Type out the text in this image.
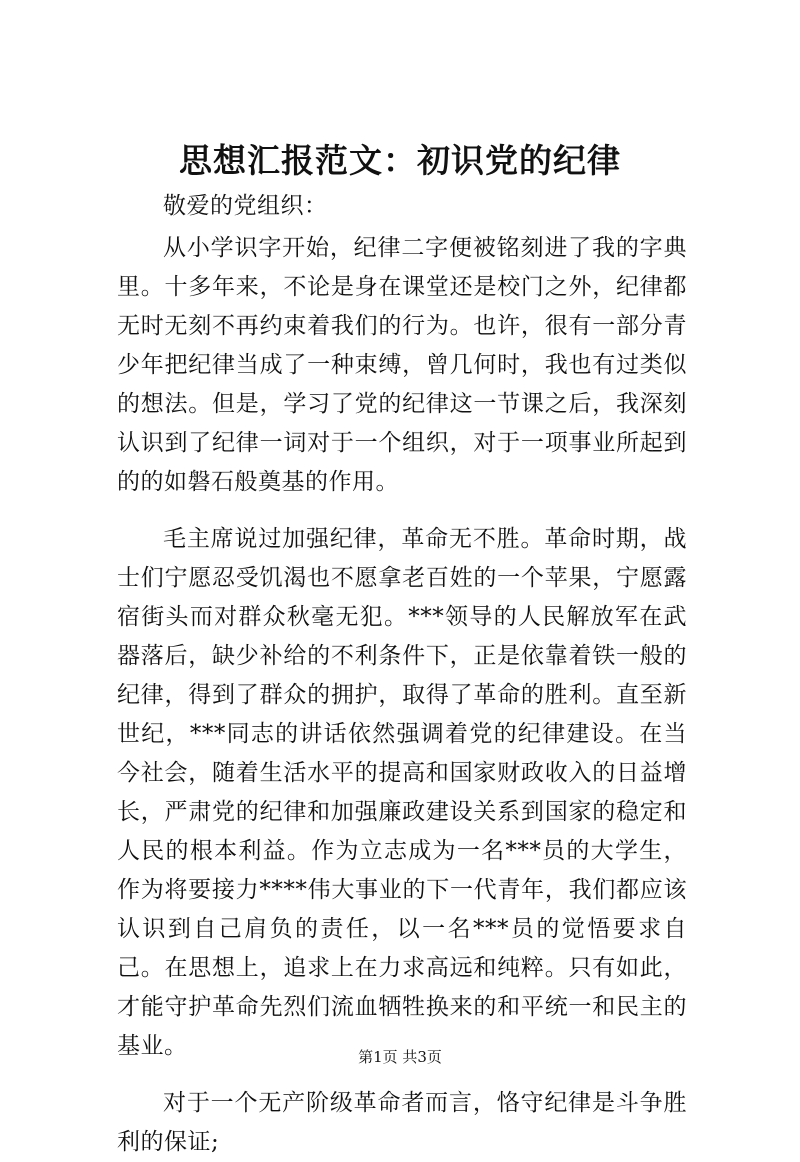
思想汇报范文：初识党的纪律

敬爱的党组织：

从小学识字开始，纪律二字便被铭刻进了我的字典里。十多年来，不论是身在课堂还是校门之外，纪律都无时无刻不再约束着我们的行为。也许，很有一部分青少年把纪律当成了一种束缚，曾几何时，我也有过类似的想法。但是，学习了党的纪律这一节课之后，我深刻认识到了纪律一词对于一个组织，对于一项事业所起到的的如磐石般奠基的作用。

毛主席说过加强纪律，革命无不胜。革命时期，战士们宁愿忍受饥渴也不愿拿老百姓的一个苹果，宁愿露宿街头而对群众秋毫无犯。***领导的人民解放军在武器落后，缺少补给的不利条件下，正是依靠着铁一般的纪律，得到了群众的拥护，取得了革命的胜利。直至新世纪，***同志的讲话依然强调着党的纪律建设。在当今社会，随着生活水平的提高和国家财政收入的日益增长，严肃党的纪律和加强廉政建设关系到国家的稳定和人民的根本利益。作为立志成为一名***员的大学生，作为将要接力****伟大事业的下一代青年，我们都应该认识到自己肩负的责任，以一名***员的觉悟要求自己。在思想上，追求上在力求高远和纯粹。只有如此，才能守护革命先烈们流血牺牲换来的和平统一和民主的基业。

对于一个无产阶级革命者而言，恪守纪律是斗争胜利的保证;

第1页 共3页
